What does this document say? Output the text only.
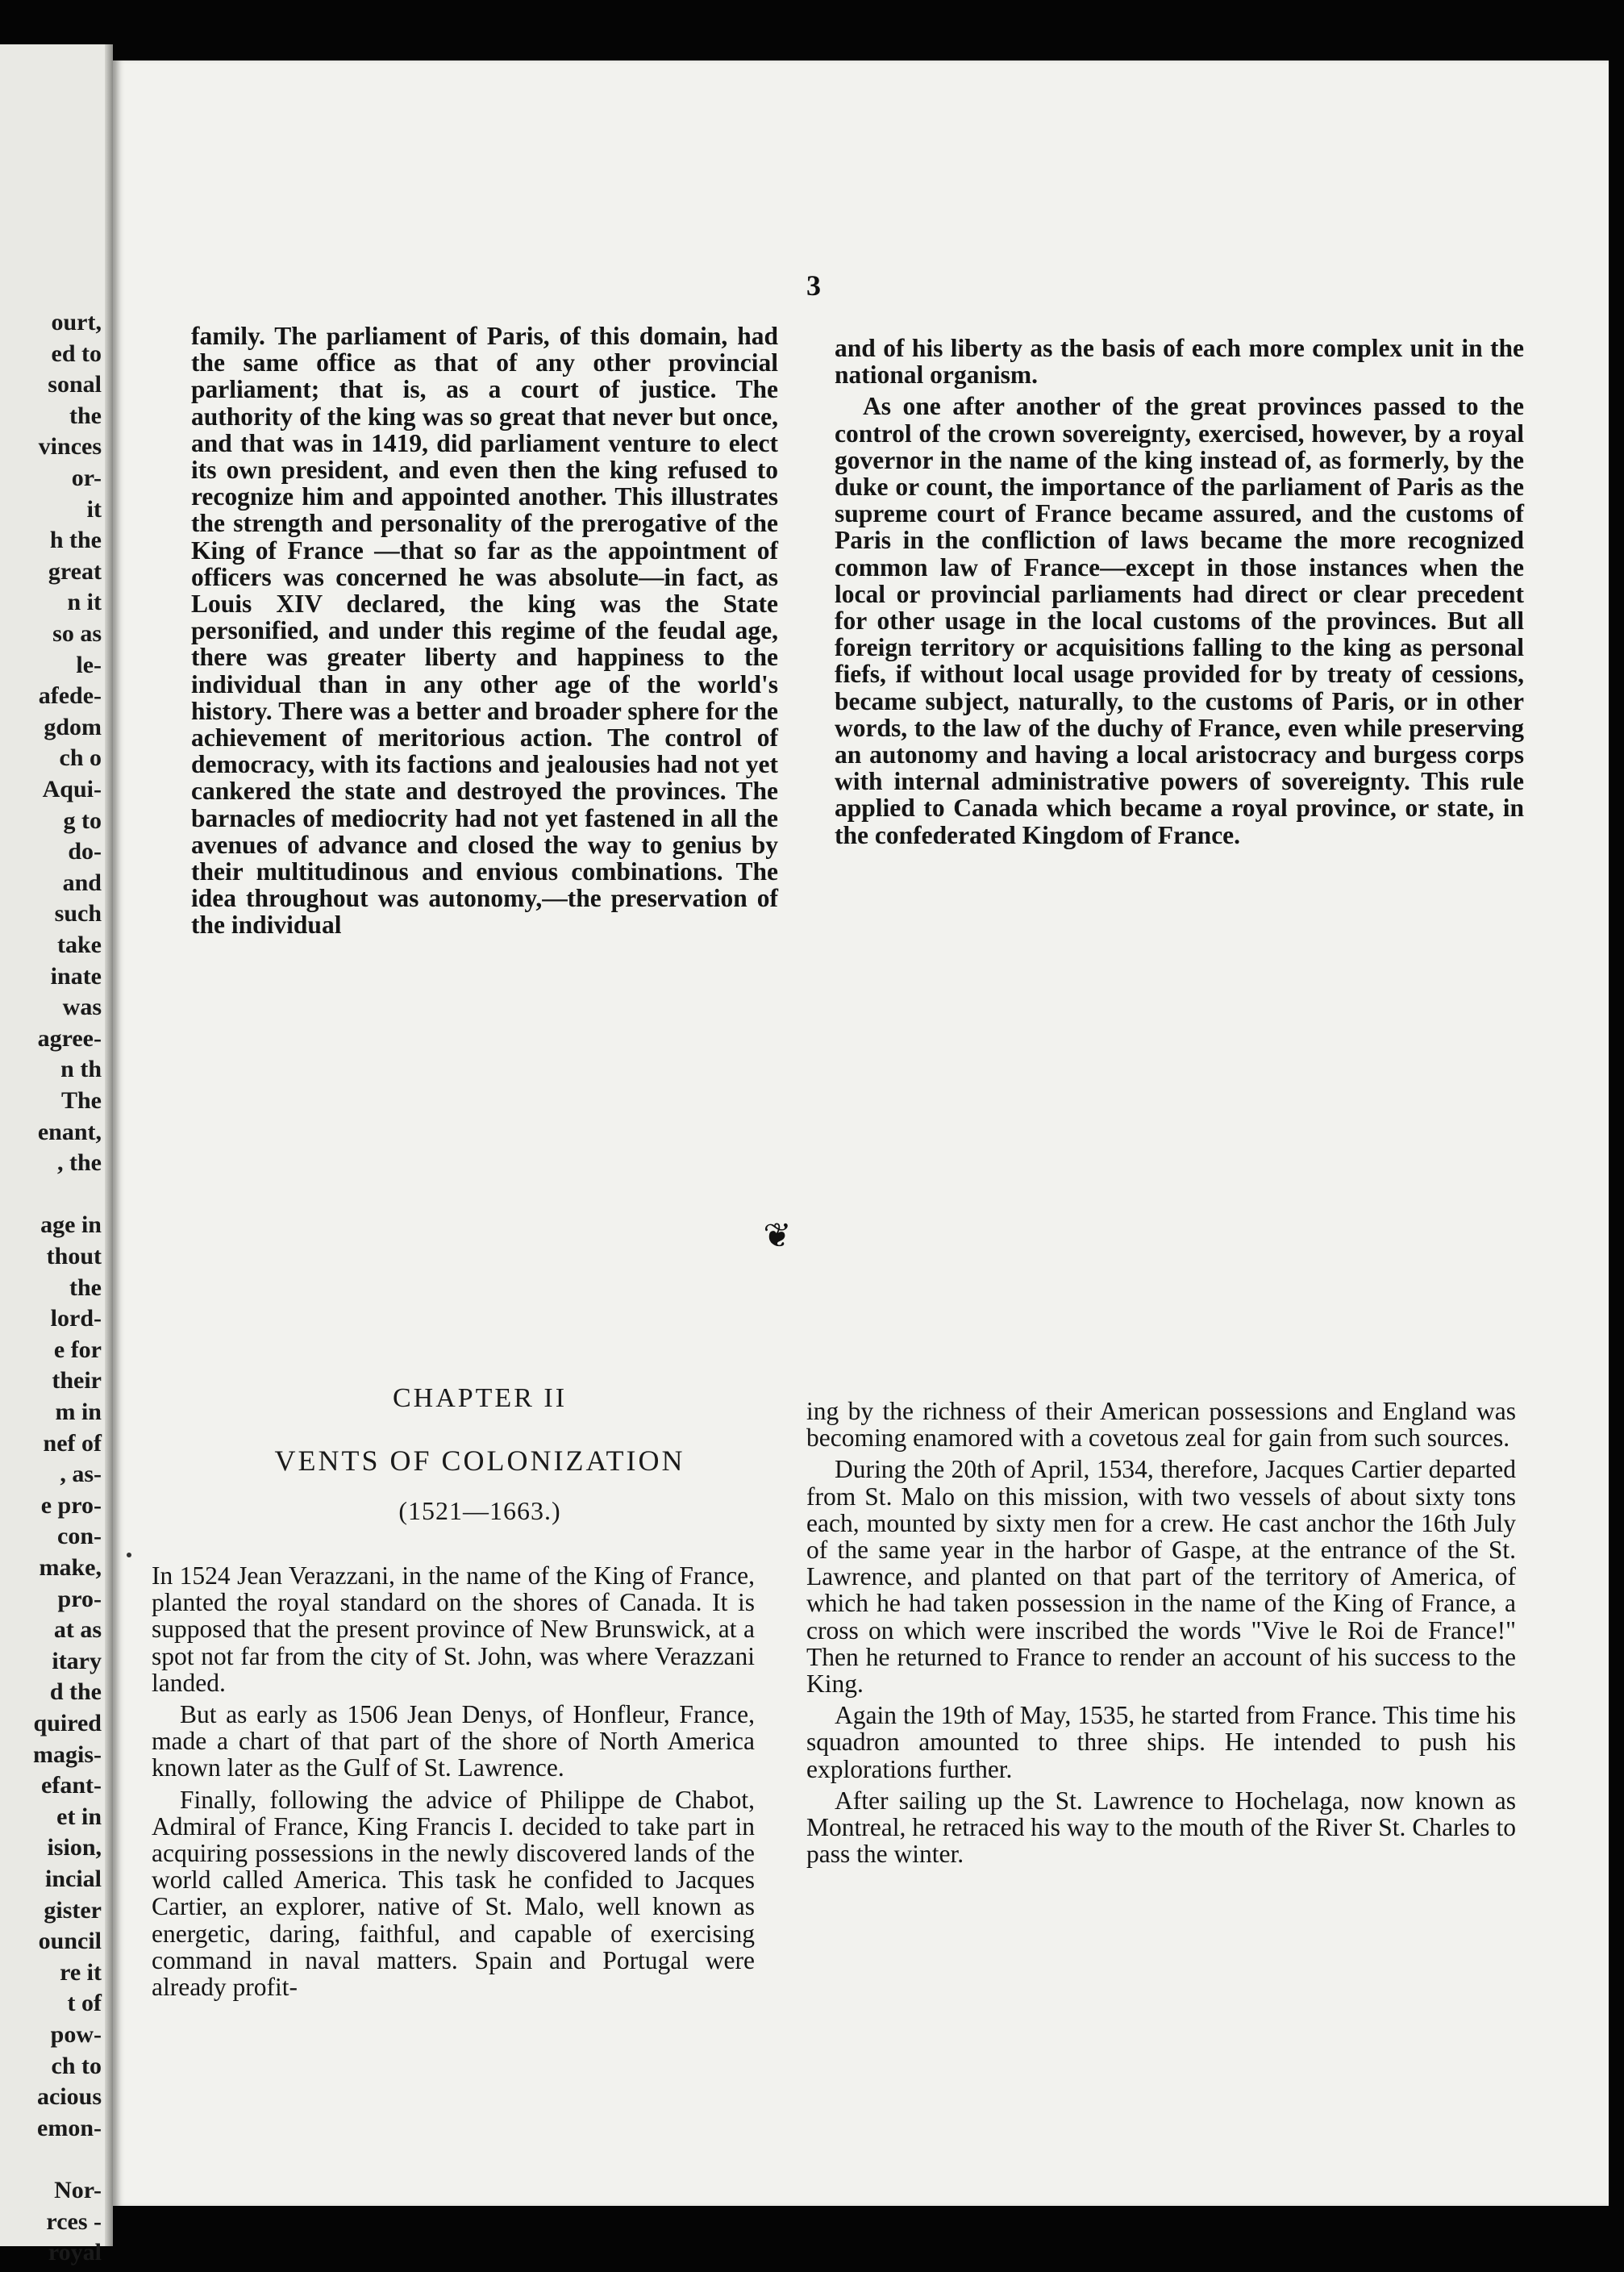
ourt,
ed to
sonal
the
vinces
or-
it
h the
great
n it
so as
le-
afede-
gdom
ch o
Aqui-
g to
do-
and
such
take
inate
was
agree-
n th
The
enant,
, the
age in
thout
the
lord-
e for
their
m in
nef of
, as-
e pro-
con-
make,
pro-
at as
itary
d the
quired
magis-
efant-
et in
ision,
incial
gister
ouncil
re it
t of
pow-
ch to
acious
emon-
Nor-
rces -
royal
3

family. The parliament of Paris, of this domain, had the same office as that of any other provincial parliament; that is, as a court of justice. The authority of the king was so great that never but once, and that was in 1419, did parliament venture to elect its own president, and even then the king refused to recognize him and appointed another. This illustrates the strength and personality of the prerogative of the King of France —that so far as the appointment of officers was concerned he was absolute—in fact, as Louis XIV declared, the king was the State personified, and under this regime of the feudal age, there was greater liberty and happiness to the individual than in any other age of the world's history. There was a better and broader sphere for the achievement of meritorious action. The control of democracy, with its factions and jealousies had not yet cankered the state and destroyed the provinces. The barnacles of mediocrity had not yet fastened in all the avenues of advance and closed the way to genius by their multitudinous and envious combinations. The idea throughout was autonomy,—the preservation of the individual

and of his liberty as the basis of each more complex unit in the national organism.

As one after another of the great provinces passed to the control of the crown sovereignty, exercised, however, by a royal governor in the name of the king instead of, as formerly, by the duke or count, the importance of the parliament of Paris as the supreme court of France became assured, and the customs of Paris in the confliction of laws became the more recognized common law of France—except in those instances when the local or provincial parliaments had direct or clear precedent for other usage in the local customs of the provinces. But all foreign territory or acquisitions falling to the king as personal fiefs, if without local usage provided for by treaty of cessions, became subject, naturally, to the customs of Paris, or in other words, to the law of the duchy of France, even while preserving an autonomy and having a local aristocracy and burgess corps with internal administrative powers of sovereignty. This rule applied to Canada which became a royal province, or state, in the confederated Kingdom of France.

❦
CHAPTER II
VENTS OF COLONIZATION
(1521—1663.)

In 1524 Jean Verazzani, in the name of the King of France, planted the royal standard on the shores of Canada. It is supposed that the present province of New Brunswick, at a spot not far from the city of St. John, was where Verazzani landed.

But as early as 1506 Jean Denys, of Honfleur, France, made a chart of that part of the shore of North America known later as the Gulf of St. Lawrence.

Finally, following the advice of Philippe de Chabot, Admiral of France, King Francis I. decided to take part in acquiring possessions in the newly discovered lands of the world called America. This task he confided to Jacques Cartier, an explorer, native of St. Malo, well known as energetic, daring, faithful, and capable of exercising command in naval matters. Spain and Portugal were already profit-

ing by the richness of their American possessions and England was becoming enamored with a covetous zeal for gain from such sources.

During the 20th of April, 1534, therefore, Jacques Cartier departed from St. Malo on this mission, with two vessels of about sixty tons each, mounted by sixty men for a crew. He cast anchor the 16th July of the same year in the harbor of Gaspe, at the entrance of the St. Lawrence, and planted on that part of the territory of America, of which he had taken possession in the name of the King of France, a cross on which were inscribed the words "Vive le Roi de France!" Then he returned to France to render an account of his success to the King.

Again the 19th of May, 1535, he started from France. This time his squadron amounted to three ships. He intended to push his explorations further.

After sailing up the St. Lawrence to Hochelaga, now known as Montreal, he retraced his way to the mouth of the River St. Charles to pass the winter.
